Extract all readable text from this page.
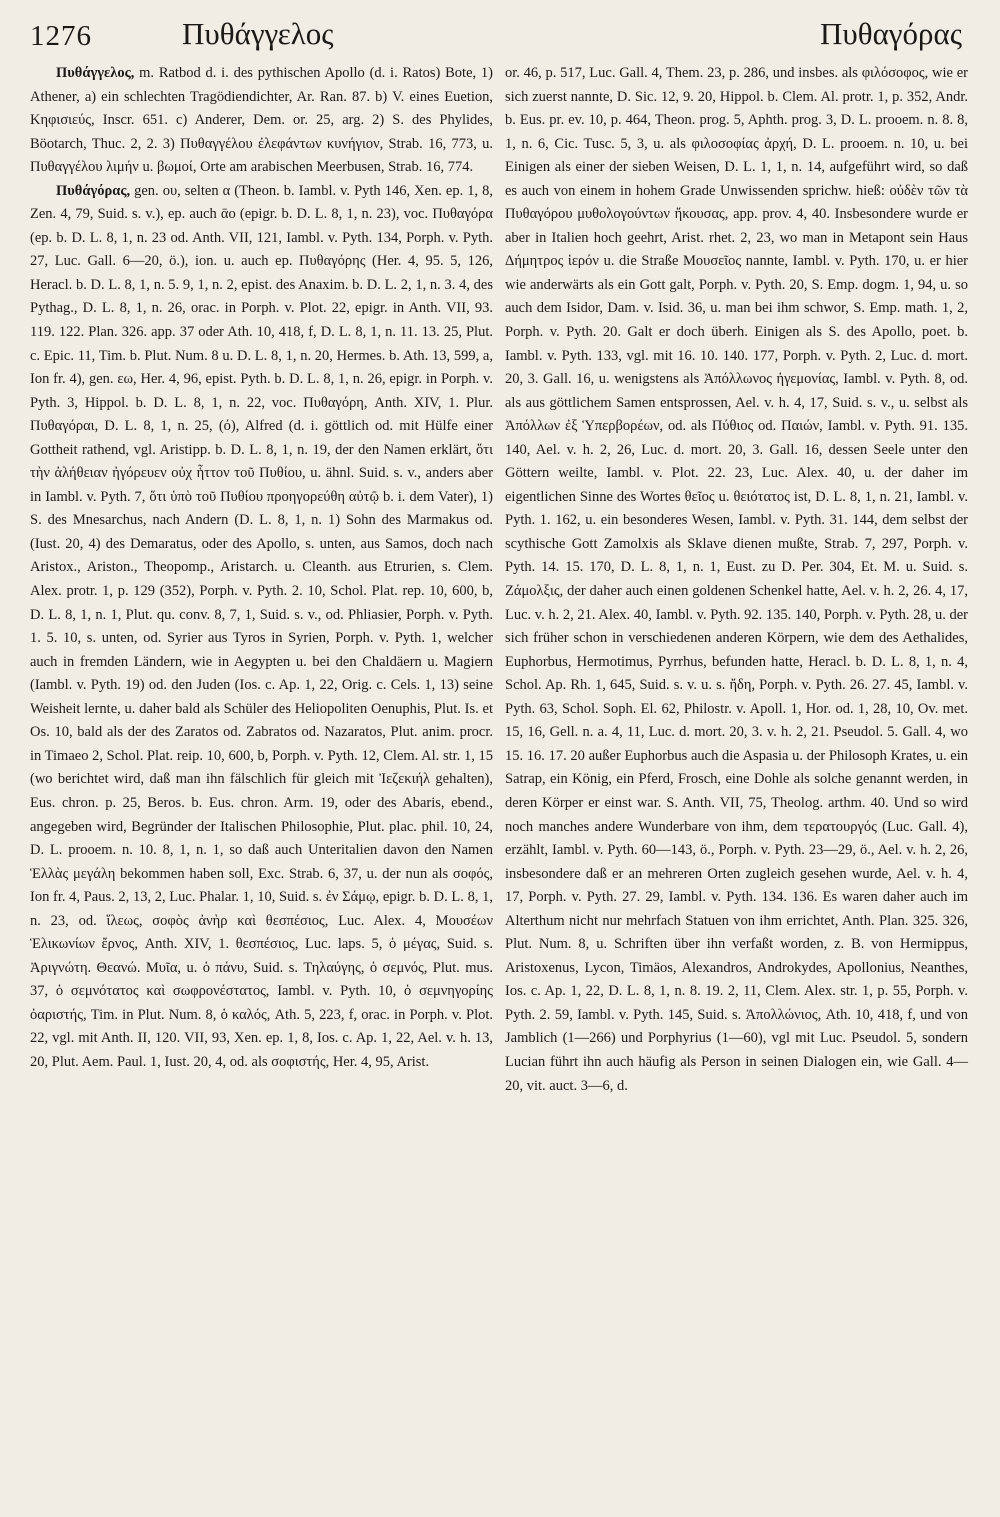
1276	Πυθάγγελος	Πυθαγόρας

Πυθάγγελος, m. Ratbod d. i. des pythischen Apollo (d. i. Ratos) Bote, 1) Athener, a) ein schlechten Tragödiendichter, Ar. Ran. 87. b) V. eines Euetion, Κηφισιεύς, Inscr. 651. c) Anderer, Dem. or. 25, arg. 2) S. des Phylides, Böotarch, Thuc. 2, 2. 3) Πυθαγγέλου ἐλεφάντων κυνήγιον, Strab. 16, 773, u. Πυθαγγέλου λιμήν u. βωμοί, Orte am arabischen Meerbusen, Strab. 16, 774.

Πυθάγόρας, gen. ου, selten α (Theon. b. Iambl. v. Pyth 146, Xen. ep. 1, 8, Zen. 4, 79, Suid. s. v.), ep. auch ᾱο (epigr. b. D. L. 8, 1, n. 23), voc. Πυθαγόρα (ep. b. D. L. 8, 1, n. 23 od. Anth. VII, 121, Iambl. v. Pyth. 134, Porph. v. Pyth. 27, Luc. Gall. 6—20, ö.), ion. u. auch ep. Πυθαγόρης (Her. 4, 95. 5, 126, Heracl. b. D. L. 8, 1, n. 5. 9, 1, n. 2, epist. des Anaxim. b. D. L. 2, 1, n. 3. 4, des Pythag., D. L. 8, 1, n. 26, orac. in Porph. v. Plot. 22, epigr. in Anth. VII, 93. 119. 122. Plan. 326. app. 37 oder Ath. 10, 418, f, D. L. 8, 1, n. 11. 13. 25, Plut. c. Epic. 11, Tim. b. Plut. Num. 8 u. D. L. 8, 1, n. 20, Hermes. b. Ath. 13, 599, a, Ion fr. 4), gen. εω, Her. 4, 96, epist. Pyth. b. D. L. 8, 1, n. 26, epigr. in Porph. v. Pyth. 3, Hippol. b. D. L. 8, 1, n. 22, voc. Πυθαγόρη, Anth. XIV, 1. Plur. Πυθαγόραι, D. L. 8, 1, n. 25, (ό), Alfred (d. i. göttlich od. mit Hülfe einer Gottheit rathend, vgl. Aristipp. b. D. L. 8, 1, n. 19, der den Namen erklärt, ὅτι τὴν ἀλήθειαν ἠγόρευεν οὐχ ἧττον τοῦ Πυθίου, u. ähnl. Suid. s. v., anders aber in Iambl. v. Pyth. 7, ὅτι ὑπὸ τοῦ Πυθίου προηγορεύθη αὐτῷ b. i. dem Vater), 1) S. des Mnesarchus, nach Andern (D. L. 8, 1, n. 1) Sohn des Marmakus od. (Iust. 20, 4) des Demaratus, oder des Apollo, s. unten, aus Samos, doch nach Aristox., Ariston., Theopomp., Aristarch. u. Cleanth. aus Etrurien, s. Clem. Alex. protr. 1, p. 129 (352), Porph. v. Pyth. 2. 10, Schol. Plat. rep. 10, 600, b, D. L. 8, 1, n. 1, Plut. qu. conv. 8, 7, 1, Suid. s. v., od. Phliasier, Porph. v. Pyth. 1. 5. 10, s. unten, od. Syrier aus Tyros in Syrien, Porph. v. Pyth. 1, welcher auch in fremden Ländern, wie in Aegypten u. bei den Chaldäern u. Magiern (Iambl. v. Pyth. 19) od. den Juden (Ios. c. Ap. 1, 22, Orig. c. Cels. 1, 13) seine Weisheit lernte, u. daher bald als Schüler des Heliopoliten Oenuphis, Plut. Is. et Os. 10, bald als der des Zaratos od. Zabratos od. Nazaratos, Plut. anim. procr. in Timaeo 2, Schol. Plat. reip. 10, 600, b, Porph. v. Pyth. 12, Clem. Al. str. 1, 15 (wo berichtet wird, daß man ihn fälschlich für gleich mit Ἰεζεκιήλ gehalten), Eus. chron. p. 25, Beros. b. Eus. chron. Arm. 19, oder des Abaris, ebend., angegeben wird, Begründer der Italischen Philosophie, Plut. plac. phil. 10, 24, D. L. prooem. n. 10. 8, 1, n. 1, so daß auch Unteritalien davon den Namen Ἑλλὰς μεγάλη bekommen haben soll, Exc. Strab. 6, 37, u. der nun als σοφός, Ion fr. 4, Paus. 2, 13, 2, Luc. Phalar. 1, 10, Suid. s. ἐν Σάμῳ, epigr. b. D. L. 8, 1, n. 23, od. ἵλεως, σοφὸς ἀνὴρ καὶ θεσπέσιος, Luc. Alex. 4, Μουσέων Ἑλικωνίων ἔρνος, Anth. XIV, 1. θεσπέσιος, Luc. laps. 5, ὁ μέγας, Suid. s. Ἀριγνώτη. Θεανώ. Μυῖα, u. ὁ πάνυ, Suid. s. Τηλαύγης, ὁ σεμνός, Plut. mus. 37, ὁ σεμνότατος καὶ σωφρονέστατος, Iambl. v. Pyth. 10, ὁ σεμνηγορίης ὀαριστής, Tim. in Plut. Num. 8, ὁ καλός, Ath. 5, 223, f, orac. in Porph. v. Plot. 22, vgl. mit Anth. II, 120. VII, 93, Xen. ep. 1, 8, Ios. c. Ap. 1, 22, Ael. v. h. 13, 20, Plut. Aem. Paul. 1, Iust. 20, 4, od. als σοφιστής, Her. 4, 95, Arist.

or. 46, p. 517, Luc. Gall. 4, Them. 23, p. 286, und insbes. als φιλόσοφος, wie er sich zuerst nannte, D. Sic. 12, 9. 20, Hippol. b. Clem. Al. protr. 1, p. 352, Andr. b. Eus. pr. ev. 10, p. 464, Theon. prog. 5, Aphth. prog. 3, D. L. prooem. n. 8. 8, 1, n. 6, Cic. Tusc. 5, 3, u. als φιλοσοφίας ἀρχή, D. L. prooem. n. 10, u. bei Einigen als einer der sieben Weisen, D. L. 1, 1, n. 14, aufgeführt wird, so daß es auch von einem in hohem Grade Unwissenden sprichw. hieß: οὐδὲν τῶν τὰ Πυθαγόρου μυθολογούντων ἤκουσας, app. prov. 4, 40. Insbesondere wurde er aber in Italien hoch geehrt, Arist. rhet. 2, 23, wo man in Metapont sein Haus Δήμητρος ἱερόν u. die Straße Μουσεῖος nannte, Iambl. v. Pyth. 170, u. er hier wie anderwärts als ein Gott galt, Porph. v. Pyth. 20, S. Emp. dogm. 1, 94, u. so auch dem Isidor, Dam. v. Isid. 36, u. man bei ihm schwor, S. Emp. math. 1, 2, Porph. v. Pyth. 20. Galt er doch überh. Einigen als S. des Apollo, poet. b. Iambl. v. Pyth. 133, vgl. mit 16. 10. 140. 177, Porph. v. Pyth. 2, Luc. d. mort. 20, 3. Gall. 16, u. wenigstens als Ἀπόλλωνος ἡγεμονίας, Iambl. v. Pyth. 8, od. als aus göttlichem Samen entsprossen, Ael. v. h. 4, 17, Suid. s. v., u. selbst als Ἀπόλλων ἐξ Ὑπερβορέων, od. als Πύθιος od. Παιών, Iambl. v. Pyth. 91. 135. 140, Ael. v. h. 2, 26, Luc. d. mort. 20, 3. Gall. 16, dessen Seele unter den Göttern weilte, Iambl. v. Plot. 22. 23, Luc. Alex. 40, u. der daher im eigentlichen Sinne des Wortes θεῖος u. θειότατος ist, D. L. 8, 1, n. 21, Iambl. v. Pyth. 1. 162, u. ein besonderes Wesen, Iambl. v. Pyth. 31. 144, dem selbst der scythische Gott Zamolxis als Sklave dienen mußte, Strab. 7, 297, Porph. v. Pyth. 14. 15. 170, D. L. 8, 1, n. 1, Eust. zu D. Per. 304, Et. M. u. Suid. s. Ζάμολξις, der daher auch einen goldenen Schenkel hatte, Ael. v. h. 2, 26. 4, 17, Luc. v. h. 2, 21. Alex. 40, Iambl. v. Pyth. 92. 135. 140, Porph. v. Pyth. 28, u. der sich früher schon in verschiedenen anderen Körpern, wie dem des Aethalides, Euphorbus, Hermotimus, Pyrrhus, befunden hatte, Heracl. b. D. L. 8, 1, n. 4, Schol. Ap. Rh. 1, 645, Suid. s. v. u. s. ἤδη, Porph. v. Pyth. 26. 27. 45, Iambl. v. Pyth. 63, Schol. Soph. El. 62, Philostr. v. Apoll. 1, Hor. od. 1, 28, 10, Ov. met. 15, 16, Gell. n. a. 4, 11, Luc. d. mort. 20, 3. v. h. 2, 21. Pseudol. 5. Gall. 4, wo 15. 16. 17. 20 außer Euphorbus auch die Aspasia u. der Philosoph Krates, u. ein Satrap, ein König, ein Pferd, Frosch, eine Dohle als solche genannt werden, in deren Körper er einst war. S. Anth. VII, 75, Theolog. arthm. 40. Und so wird noch manches andere Wunderbare von ihm, dem τερατουργός (Luc. Gall. 4), erzählt, Iambl. v. Pyth. 60—143, ö., Porph. v. Pyth. 23—29, ö., Ael. v. h. 2, 26, insbesondere daß er an mehreren Orten zugleich gesehen wurde, Ael. v. h. 4, 17, Porph. v. Pyth. 27. 29, Iambl. v. Pyth. 134. 136. Es waren daher auch im Alterthum nicht nur mehrfach Statuen von ihm errichtet, Anth. Plan. 325. 326, Plut. Num. 8, u. Schriften über ihn verfaßt worden, z. B. von Hermippus, Aristoxenus, Lycon, Timäos, Alexandros, Androkydes, Apollonius, Neanthes, Ios. c. Ap. 1, 22, D. L. 8, 1, n. 8. 19. 2, 11, Clem. Alex. str. 1, p. 55, Porph. v. Pyth. 2. 59, Iambl. v. Pyth. 145, Suid. s. Ἀπολλώνιος, Ath. 10, 418, f, und von Jamblich (1—266) und Porphyrius (1—60), vgl mit Luc. Pseudol. 5, sondern Lucian führt ihn auch häufig als Person in seinen Dialogen ein, wie Gall. 4—20, vit. auct. 3—6, d.
